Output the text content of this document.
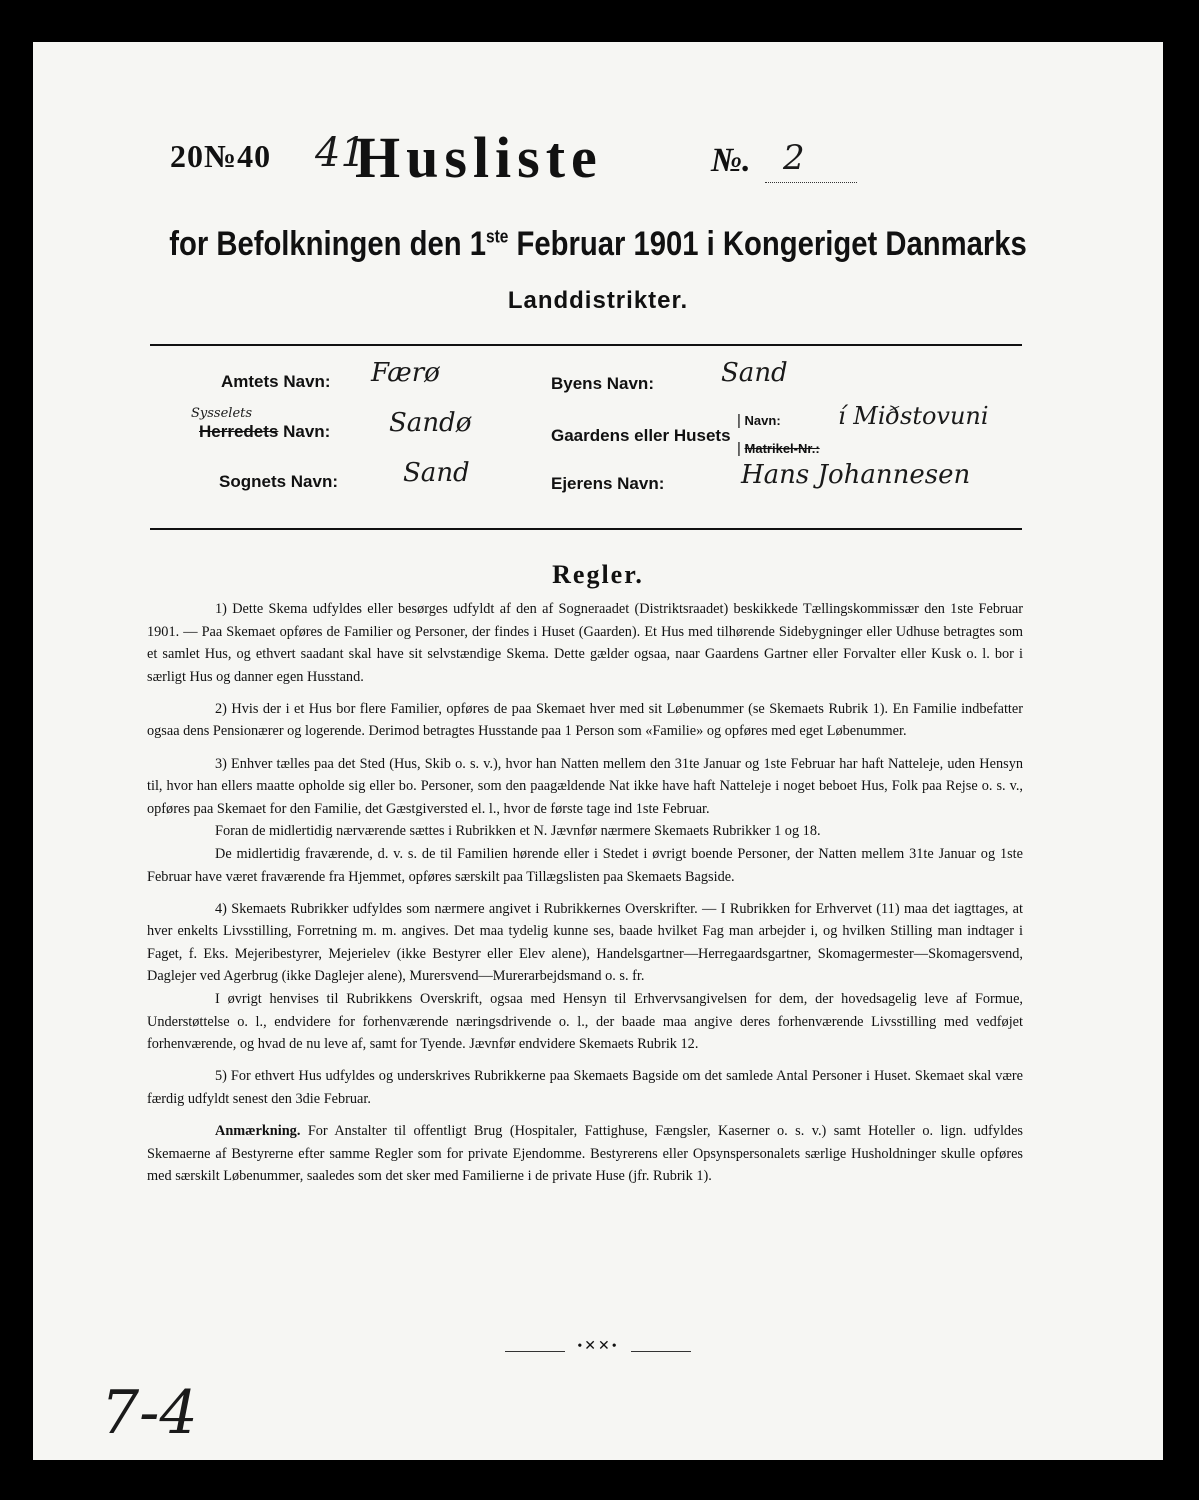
20№40 41
Husliste	№. 2
for Befolkningen den 1ste Februar 1901 i Kongeriget Danmarks
Landdistrikter.
Amtets Navn: Færø
Sysselets
Herredets Navn: Sandø
Sognets Navn: Sand
Byens Navn:	Sand
Gaardens eller Husets
| Navn: í Miðstovuni
| Matrikel-Nr.:
Ejerens Navn:	Hans Johannesen
Regler.

1) Dette Skema udfyldes eller besørges udfyldt af den af Sogneraadet (Distriktsraadet) beskikkede Tællingskommissær den 1ste Februar 1901. — Paa Skemaet opføres de Familier og Personer, der findes i Huset (Gaarden). Et Hus med tilhørende Sidebygninger eller Udhuse betragtes som et samlet Hus, og ethvert saadant skal have sit selvstændige Skema. Dette gælder ogsaa, naar Gaardens Gartner eller Forvalter eller Kusk o. l. bor i særligt Hus og danner egen Husstand.

2) Hvis der i et Hus bor flere Familier, opføres de paa Skemaet hver med sit Løbenummer (se Skemaets Rubrik 1). En Familie indbefatter ogsaa dens Pensionærer og logerende. Derimod betragtes Husstande paa 1 Person som «Familie» og opføres med eget Løbenummer.

3) Enhver tælles paa det Sted (Hus, Skib o. s. v.), hvor han Natten mellem den 31te Januar og 1ste Februar har haft Natteleje, uden Hensyn til, hvor han ellers maatte opholde sig eller bo. Personer, som den paagældende Nat ikke have haft Natteleje i noget beboet Hus, Folk paa Rejse o. s. v., opføres paa Skemaet for den Familie, det Gæstgiversted el. l., hvor de første tage ind 1ste Februar.

Foran de midlertidig nærværende sættes i Rubrikken et N. Jævnfør nærmere Skemaets Rubrikker 1 og 18.

De midlertidig fraværende, d. v. s. de til Familien hørende eller i Stedet i øvrigt boende Personer, der Natten mellem 31te Januar og 1ste Februar have været fraværende fra Hjemmet, opføres særskilt paa Tillægslisten paa Skemaets Bagside.

4) Skemaets Rubrikker udfyldes som nærmere angivet i Rubrikkernes Overskrifter. — I Rubrikken for Erhvervet (11) maa det iagttages, at hver enkelts Livsstilling, Forretning m. m. angives. Det maa tydelig kunne ses, baade hvilket Fag man arbejder i, og hvilken Stilling man indtager i Faget, f. Eks. Mejeribestyrer, Mejerielev (ikke Bestyrer eller Elev alene), Handelsgartner—Herregaardsgartner, Skomagermester—Skomagersvend, Daglejer ved Agerbrug (ikke Daglejer alene), Murersvend—Murerarbejdsmand o. s. fr.

I øvrigt henvises til Rubrikkens Overskrift, ogsaa med Hensyn til Erhvervsangivelsen for dem, der hovedsagelig leve af Formue, Understøttelse o. l., endvidere for forhenværende næringsdrivende o. l., der baade maa angive deres forhenværende Livsstilling med vedføjet forhenværende, og hvad de nu leve af, samt for Tyende. Jævnfør endvidere Skemaets Rubrik 12.

5) For ethvert Hus udfyldes og underskrives Rubrikkerne paa Skemaets Bagside om det samlede Antal Personer i Huset. Skemaet skal være færdig udfyldt senest den 3die Februar.

Anmærkning. For Anstalter til offentligt Brug (Hospitaler, Fattighuse, Fængsler, Kaserner o. s. v.) samt Hoteller o. lign. udfyldes Skemaerne af Bestyrerne efter samme Regler som for private Ejendomme. Bestyrerens eller Opsynspersonalets særlige Husholdninger skulle opføres med særskilt Løbenummer, saaledes som det sker med Familierne i de private Huse (jfr. Rubrik 1).

•✕✕•
7-4
